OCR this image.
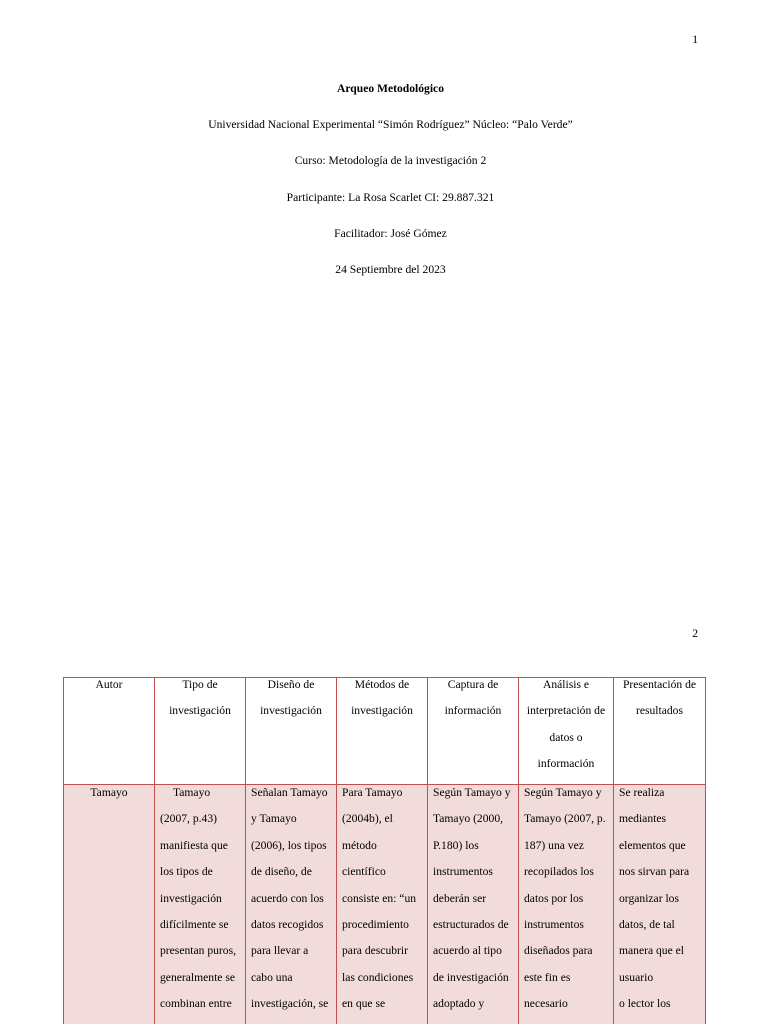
1
Arqueo Metodológico
Universidad Nacional Experimental “Simón Rodríguez” Núcleo: “Palo Verde”
Curso: Metodología de la investigación 2
Participante: La Rosa Scarlet CI: 29.887.321
Facilitador: José Gómez
24 Septiembre del 2023
2
Autor	Tipo de
investigación
Diseño de
investigación
Métodos de
investigación
Captura de
información
Análisis e
interpretación de
datos o
información
Presentación de
resultados
Tamayo	Tamayo
(2007, p.43)
manifiesta que
los tipos de
investigación
difícilmente se
presentan puros,
generalmente se
combinan entre
Señalan Tamayo
y Tamayo
(2006), los tipos
de diseño, de
acuerdo con los
datos recogidos
para llevar a
cabo una
investigación, se
Para Tamayo
(2004b), el
método
científico
consiste en: “un
procedimiento
para descubrir
las condiciones
en que se
Según Tamayo y
Tamayo (2000,
P.180) los
instrumentos
deberán ser
estructurados de
acuerdo al tipo
de investigación
adoptado y
Según Tamayo y
Tamayo (2007, p.
187) una vez
recopilados los
datos por los
instrumentos
diseñados para
este fin es
necesario
Se realiza
mediantes
elementos que
nos sirvan para
organizar los
datos, de tal
manera que el
usuario
o lector los
